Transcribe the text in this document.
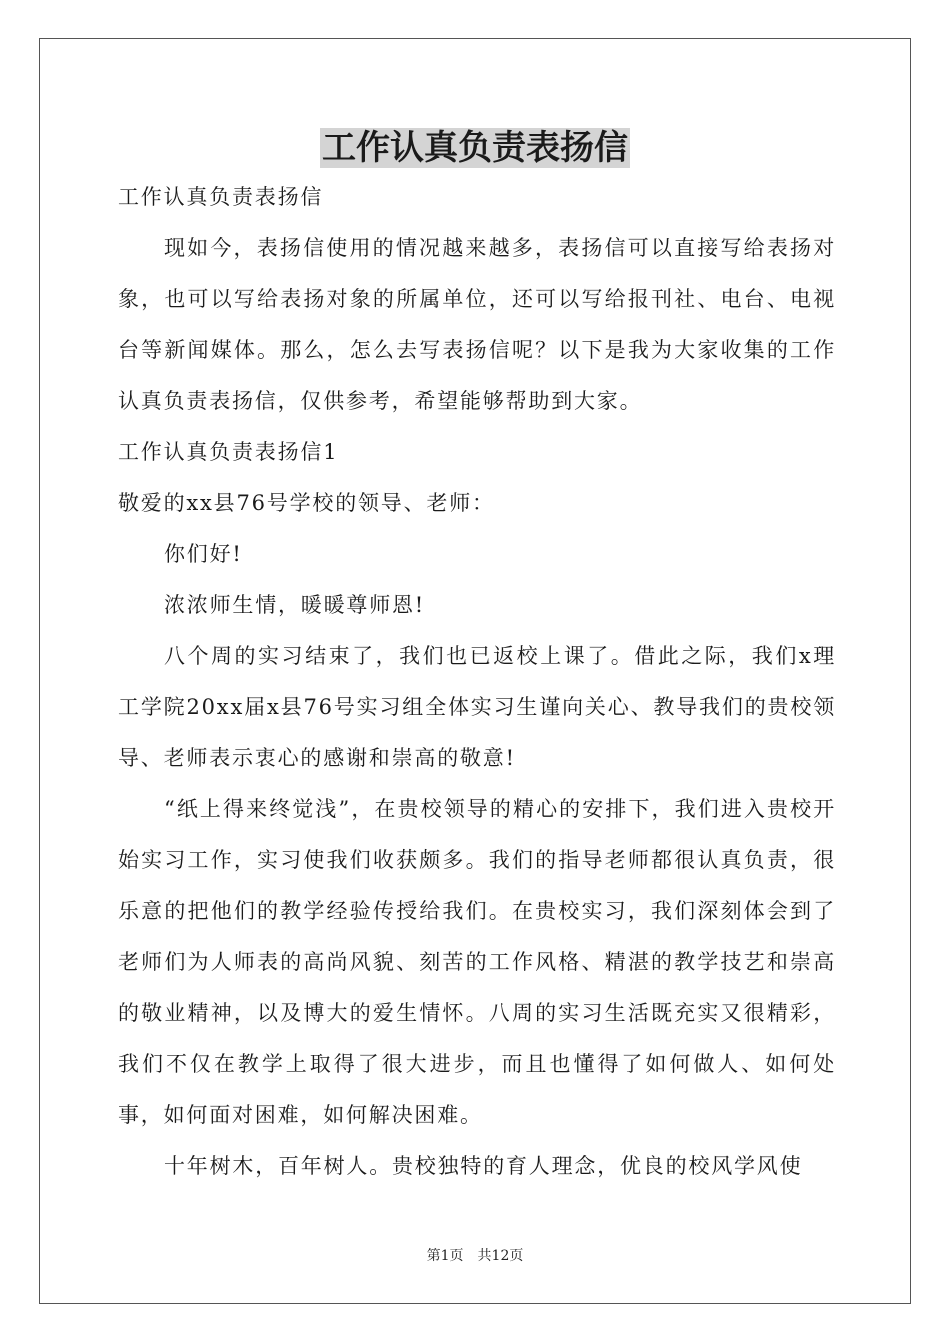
工作认真负责表扬信

工作认真负责表扬信

现如今，表扬信使用的情况越来越多，表扬信可以直接写给表扬对象，也可以写给表扬对象的所属单位，还可以写给报刊社、电台、电视台等新闻媒体。那么，怎么去写表扬信呢？以下是我为大家收集的工作认真负责表扬信，仅供参考，希望能够帮助到大家。

工作认真负责表扬信1

敬爱的xx县76号学校的领导、老师：

你们好!

浓浓师生情，暖暖尊师恩!

八个周的实习结束了，我们也已返校上课了。借此之际，我们x理工学院20xx届x县76号实习组全体实习生谨向关心、教导我们的贵校领导、老师表示衷心的感谢和崇高的敬意!

“纸上得来终觉浅”，在贵校领导的精心的安排下，我们进入贵校开始实习工作，实习使我们收获颇多。我们的指导老师都很认真负责，很乐意的把他们的教学经验传授给我们。在贵校实习，我们深刻体会到了老师们为人师表的高尚风貌、刻苦的工作风格、精湛的教学技艺和崇高的敬业精神，以及博大的爱生情怀。八周的实习生活既充实又很精彩，我们不仅在教学上取得了很大进步，而且也懂得了如何做人、如何处事，如何面对困难，如何解决困难。

十年树木，百年树人。贵校独特的育人理念，优良的校风学风使

第1页 共12页
